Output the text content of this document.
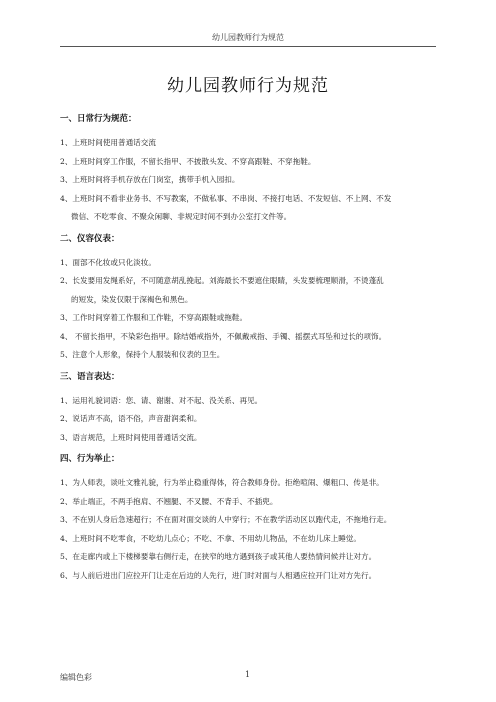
幼儿园教师行为规范
幼儿园教师行为规范
一、日常行为规范：
1、上班时间使用普通话交流
2、上班时间穿工作服，不留长指甲、不披散头发、不穿高跟鞋、不穿拖鞋。
3、上班时间将手机存放在门岗室，携带手机入园扣。
4、上班时间不看非业务书、不写教案，不做私事、不串岗、不接打电话、不发短信、不上网、不发
微信、不吃零食、不聚众闲聊、非规定时间不到办公室打文件等。
二、仪容仪表：
1、面部不化妆或只化淡妆。
2、长发要用发绳系好，不可随意胡乱挽起。刘海最长不要遮住眼睛，头发要梳理顺滑，不烫蓬乱
的短发，染发仅限于深褐色和黑色。
3、工作时间穿着工作服和工作鞋，不穿高跟鞋或拖鞋。
4、 不留长指甲，不染彩色指甲。除结婚戒指外，不佩戴戒指、手镯、摇摆式耳坠和过长的项饰。
5、注意个人形象，保持个人服装和仪表的卫生。
三、语言表达：
1、运用礼貌词语：您、请、谢谢、对不起、没关系、再见。
2、说话声不高，语不俗，声音甜润柔和。
3、语言规范，上班时间使用普通话交流。
四、行为举止：
1、为人师表，谈吐文雅礼貌，行为举止稳重得体，符合教师身份。拒绝喧闹、爆粗口、传是非。
2、举止端正，不两手抱肩、不翘腿、不叉腰、不背手、不插兜。
3、不在别人身后急速超行；不在面对面交谈的人中穿行；不在教学活动区以跑代走，不拖地行走。
4、上班时间不吃零食，不吃幼儿点心；不吃、不拿、不用幼儿物品，不在幼儿床上睡觉。
5、在走廊内或上下楼梯要靠右侧行走，在狭窄的地方遇到孩子或其他人要热情问候并让对方。
6、与人前后进出门应拉开门让走在后边的人先行，进门时对面与人相遇应拉开门让对方先行。
编辑色彩	1
